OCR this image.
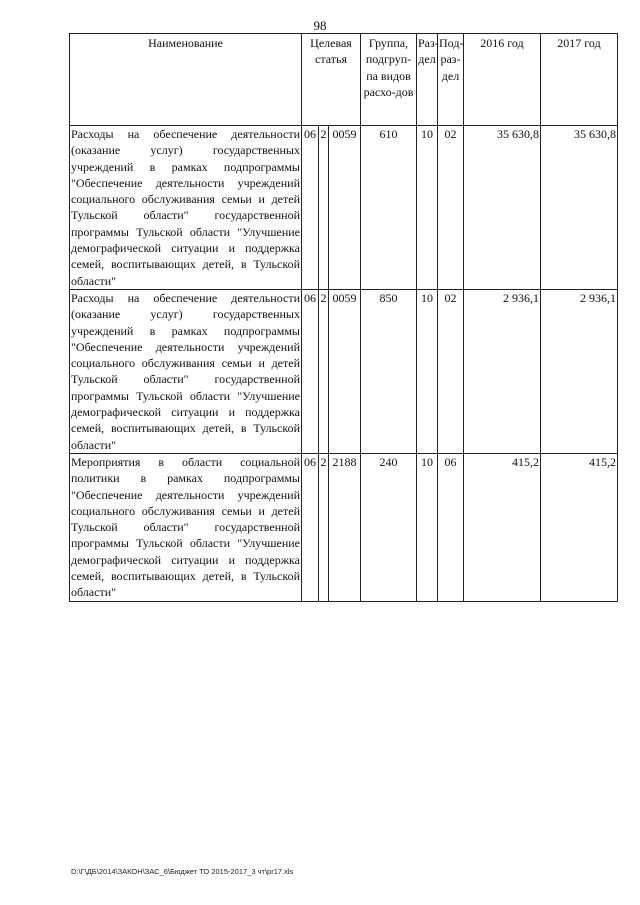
98
Наименование	Целевая статья			Группа, подгруп-па видов расхо-дов	Раз-дел	Под-раз-дел	2016 год	2017 год
Расходы на обеспечение деятельности (оказание услуг) государственных учреждений в рамках подпрограммы "Обеспечение деятельности учреждений социального обслуживания семьи и детей Тульской области" государственной программы Тульской области "Улучшение демографической ситуации и поддержка семей, воспитывающих детей, в Тульской области"	06	2	0059	610	10	02	35 630,8	35 630,8
Расходы на обеспечение деятельности (оказание услуг) государственных учреждений в рамках подпрограммы "Обеспечение деятельности учреждений социального обслуживания семьи и детей Тульской области" государственной программы Тульской области "Улучшение демографической ситуации и поддержка семей, воспитывающих детей, в Тульской области"	06	2	0059	850	10	02	2 936,1	2 936,1
Мероприятия в области социальной политики в рамках подпрограммы "Обеспечение деятельности учреждений социального обслуживания семьи и детей Тульской области" государственной программы Тульской области "Улучшение демографической ситуации и поддержка семей, воспитывающих детей, в Тульской области"	06	2	2188	240	10	06	415,2	415,2
D:\Г\ДБ\2014\ЗАКОН\ЗАС_6\Бюджет ТО 2015-2017_3 чт\pr17.xls
